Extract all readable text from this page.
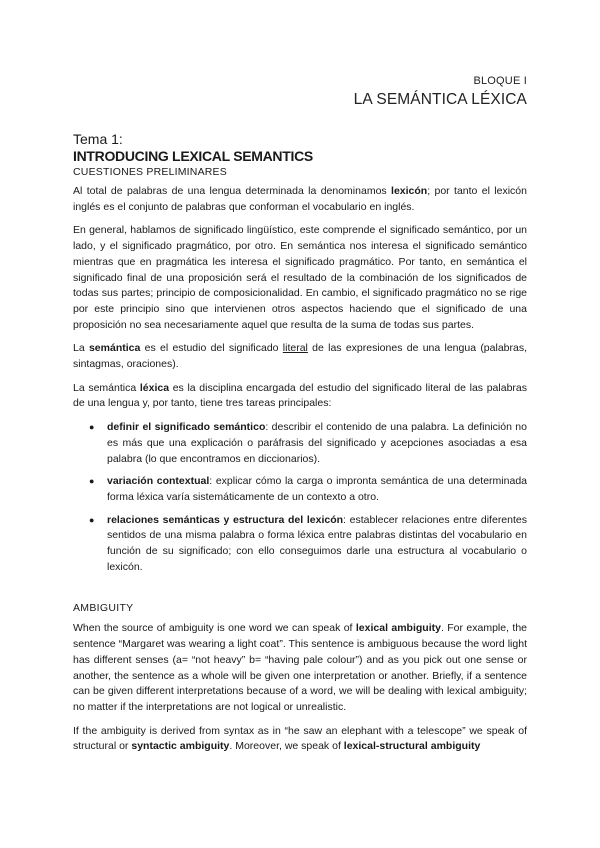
BLOQUE I
LA SEMÁNTICA LÉXICA

Tema 1:

INTRODUCING LEXICAL SEMANTICS

CUESTIONES PRELIMINARES

Al total de palabras de una lengua determinada la denominamos lexicón; por tanto el lexicón inglés es el conjunto de palabras que conforman el vocabulario en inglés.

En general, hablamos de significado lingüístico, este comprende el significado semántico, por un lado, y el significado pragmático, por otro. En semántica nos interesa el significado semántico mientras que en pragmática les interesa el significado pragmático. Por tanto, en semántica el significado final de una proposición será el resultado de la combinación de los significados de todas sus partes; principio de composicionalidad. En cambio, el significado pragmático no se rige por este principio sino que intervienen otros aspectos haciendo que el significado de una proposición no sea necesariamente aquel que resulta de la suma de todas sus partes.

La semántica es el estudio del significado literal de las expresiones de una lengua (palabras, sintagmas, oraciones).

La semántica léxica es la disciplina encargada del estudio del significado literal de las palabras de una lengua y, por tanto, tiene tres tareas principales:

● definir el significado semántico: describir el contenido de una palabra. La definición no es más que una explicación o paráfrasis del significado y acepciones asociadas a esa palabra (lo que encontramos en diccionarios).
● variación contextual: explicar cómo la carga o impronta semántica de una determinada forma léxica varía sistemáticamente de un contexto a otro.
● relaciones semánticas y estructura del lexicón: establecer relaciones entre diferentes sentidos de una misma palabra o forma léxica entre palabras distintas del vocabulario en función de su significado; con ello conseguimos darle una estructura al vocabulario o lexicón.
AMBIGUITY

When the source of ambiguity is one word we can speak of lexical ambiguity. For example, the sentence “Margaret was wearing a light coat”. This sentence is ambiguous because the word light has different senses (a= “not heavy” b= “having pale colour”) and as you pick out one sense or another, the sentence as a whole will be given one interpretation or another. Briefly, if a sentence can be given different interpretations because of a word, we will be dealing with lexical ambiguity; no matter if the interpretations are not logical or unrealistic.

If the ambiguity is derived from syntax as in “he saw an elephant with a telescope” we speak of structural or syntactic ambiguity. Moreover, we speak of lexical-structural ambiguity
